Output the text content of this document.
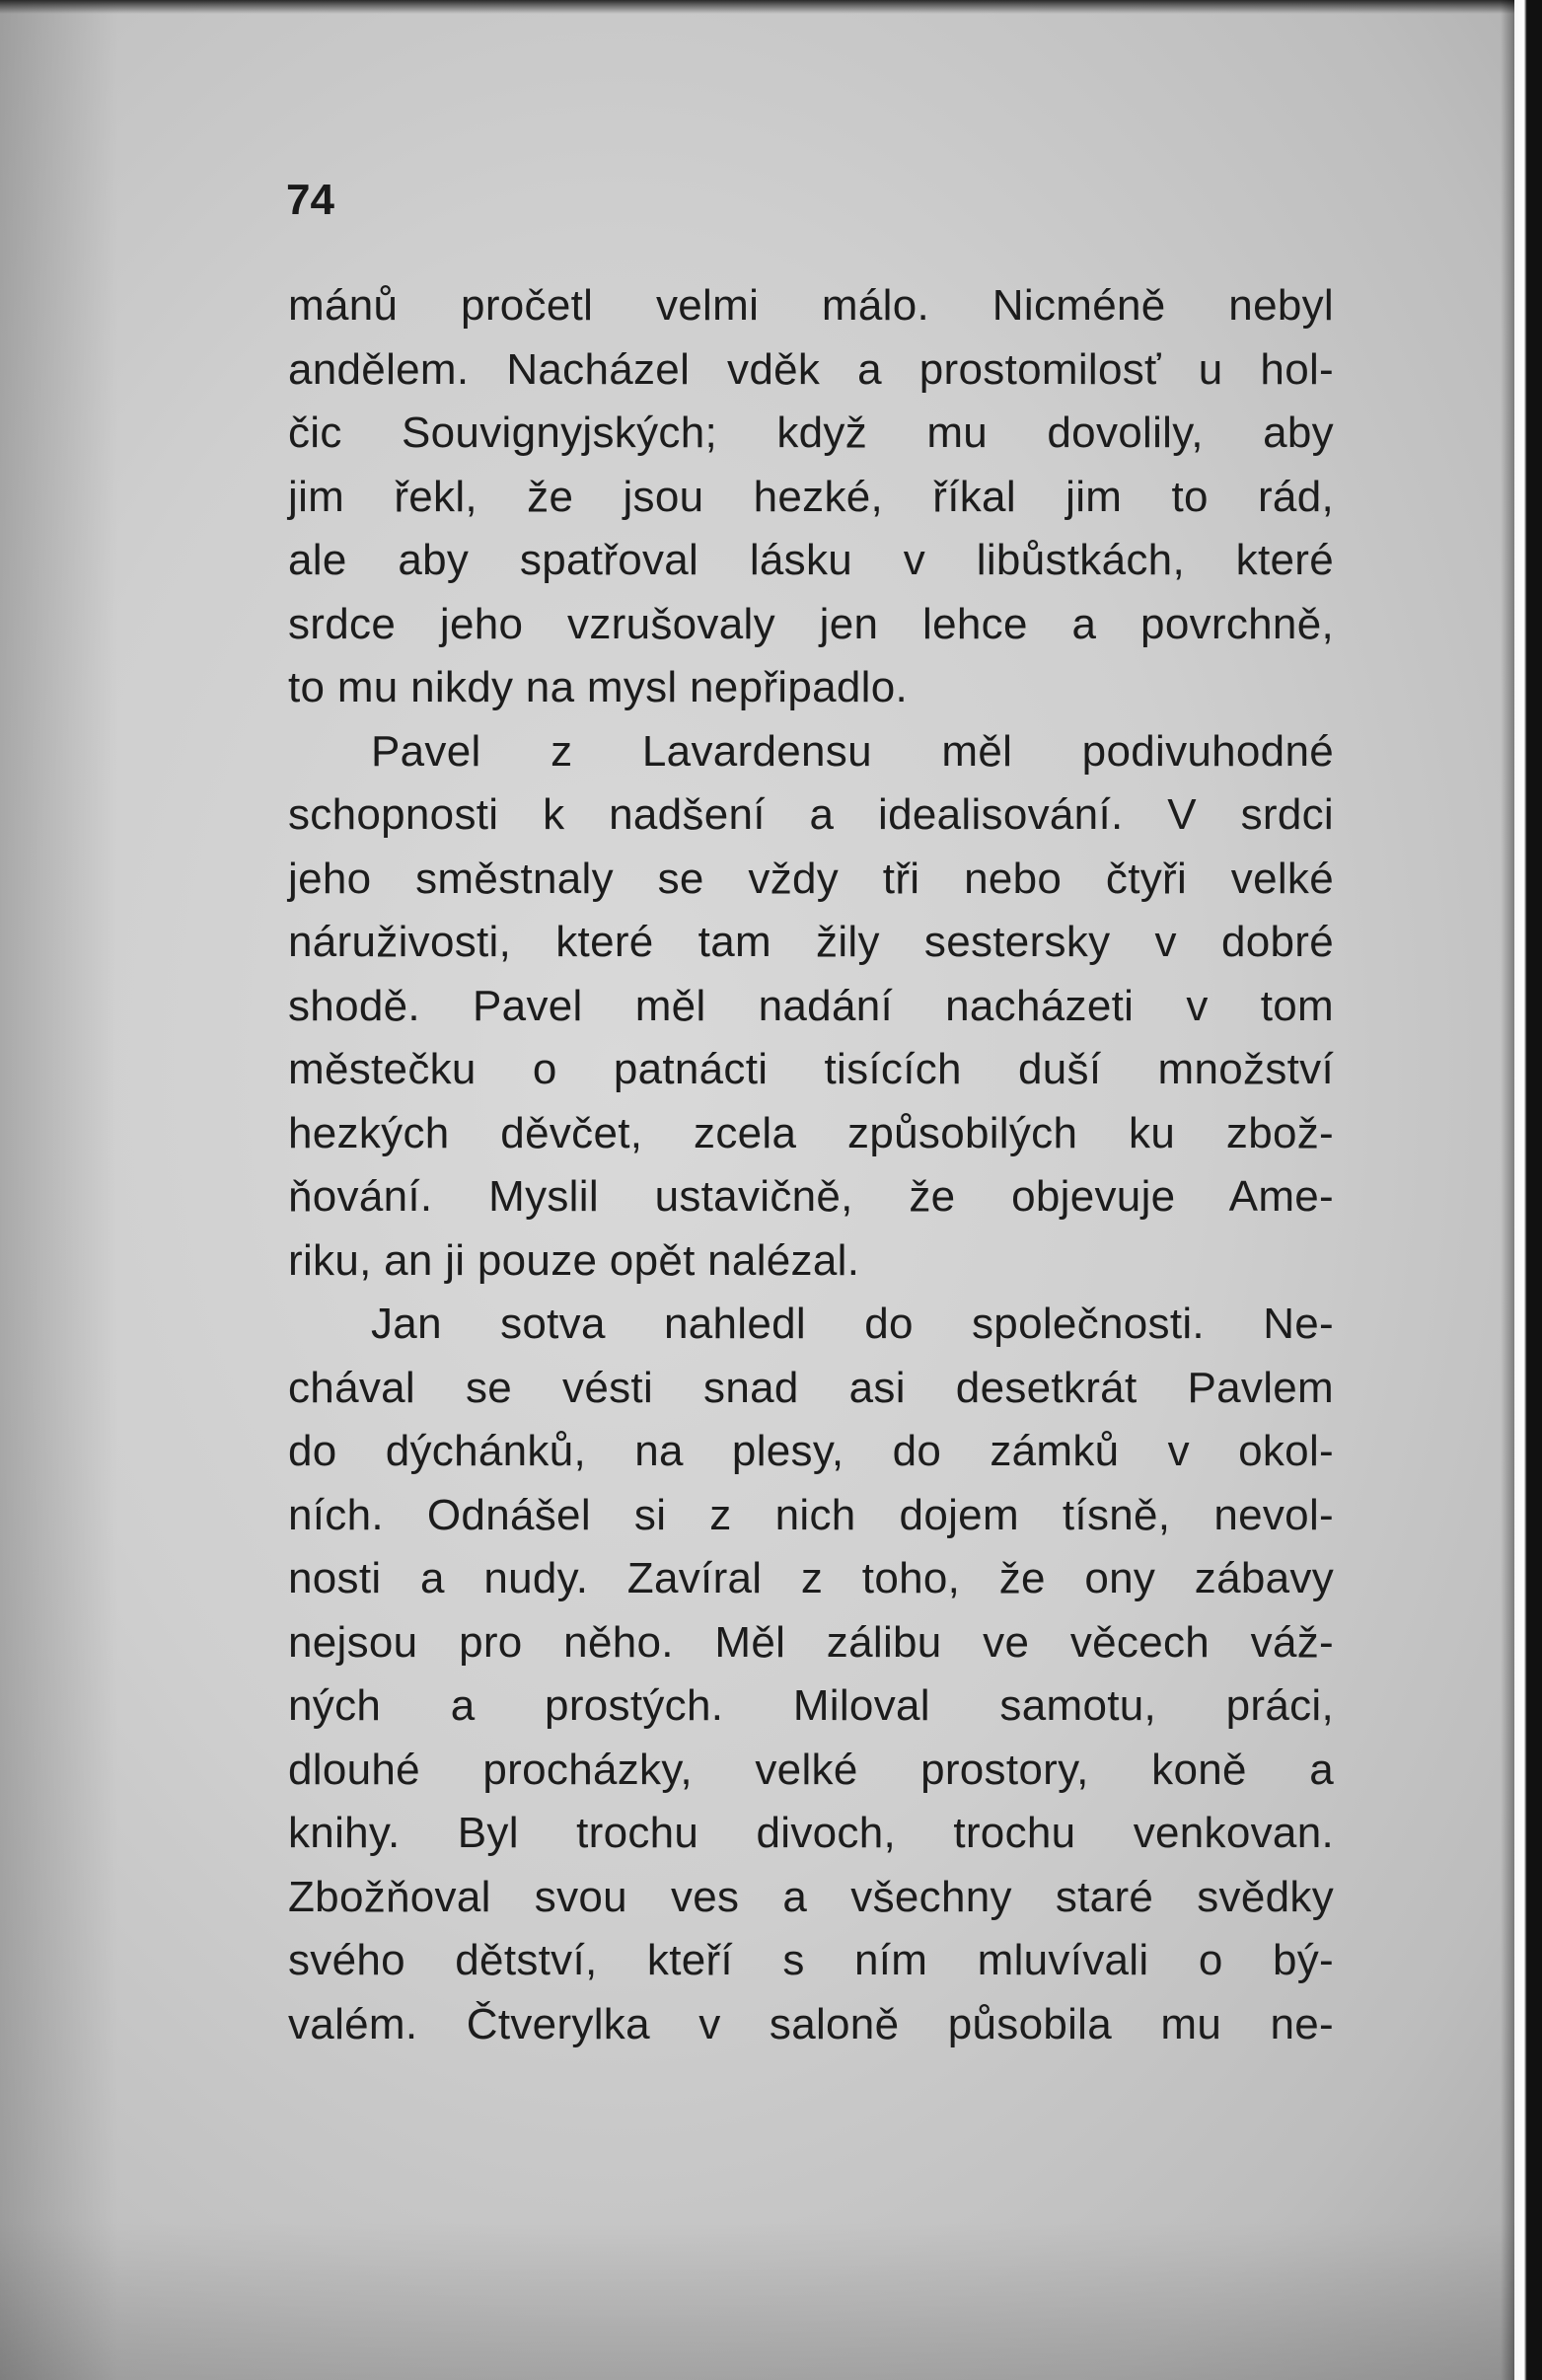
74
mánů pročetl velmi málo. Nicméně nebyl
andělem. Nacházel vděk a prostomilosť u hol-
čic Souvignyjských; když mu dovolily, aby
jim řekl, že jsou hezké, říkal jim to rád,
ale aby spatřoval lásku v libůstkách, které
srdce jeho vzrušovaly jen lehce a povrchně,
to mu nikdy na mysl nepřipadlo.
Pavel z Lavardensu měl podivuhodné
schopnosti k nadšení a idealisování. V srdci
jeho směstnaly se vždy tři nebo čtyři velké
náruživosti, které tam žily sestersky v dobré
shodě. Pavel měl nadání nacházeti v tom
městečku o patnácti tisících duší množství
hezkých děvčet, zcela způsobilých ku zbož-
ňování. Myslil ustavičně, že objevuje Ame-
riku, an ji pouze opět nalézal.
Jan sotva nahledl do společnosti. Ne-
chával se vésti snad asi desetkrát Pavlem
do dýchánků, na plesy, do zámků v okol-
ních. Odnášel si z nich dojem tísně, nevol-
nosti a nudy. Zavíral z toho, že ony zábavy
nejsou pro něho. Měl zálibu ve věcech váž-
ných a prostých. Miloval samotu, práci,
dlouhé procházky, velké prostory, koně a
knihy. Byl trochu divoch, trochu venkovan.
Zbožňoval svou ves a všechny staré svědky
svého dětství, kteří s ním mluvívali o bý-
valém. Čtverylka v saloně působila mu ne-
